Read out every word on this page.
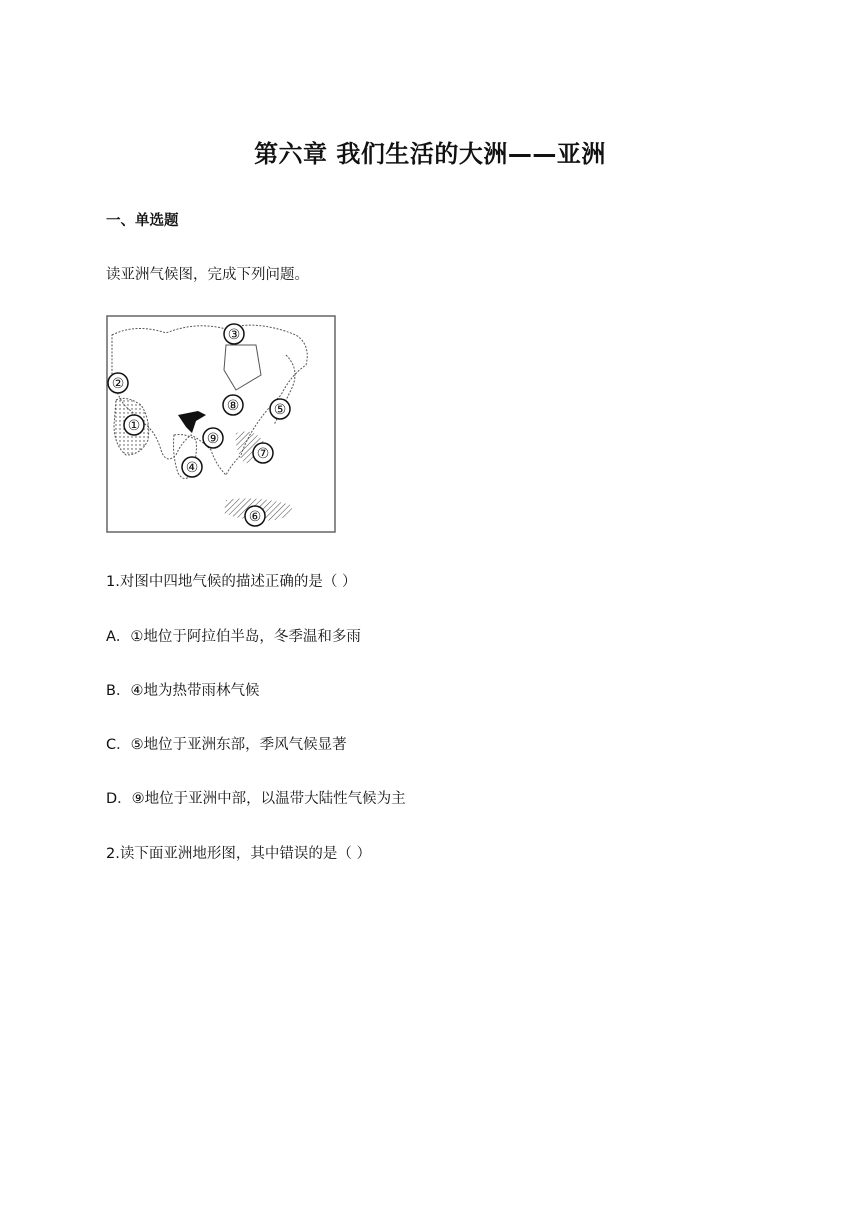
第六章 我们生活的大洲——亚洲
一、单选题
读亚洲气候图，完成下列问题。
①
②
③
④
⑤
⑥
⑦
⑧
⑨
1.对图中四地气候的描述正确的是（ ）
A．①地位于阿拉伯半岛，冬季温和多雨
B．④地为热带雨林气候
C．⑤地位于亚洲东部，季风气候显著
D．⑨地位于亚洲中部，以温带大陆性气候为主
2.读下面亚洲地形图，其中错误的是（ ）
